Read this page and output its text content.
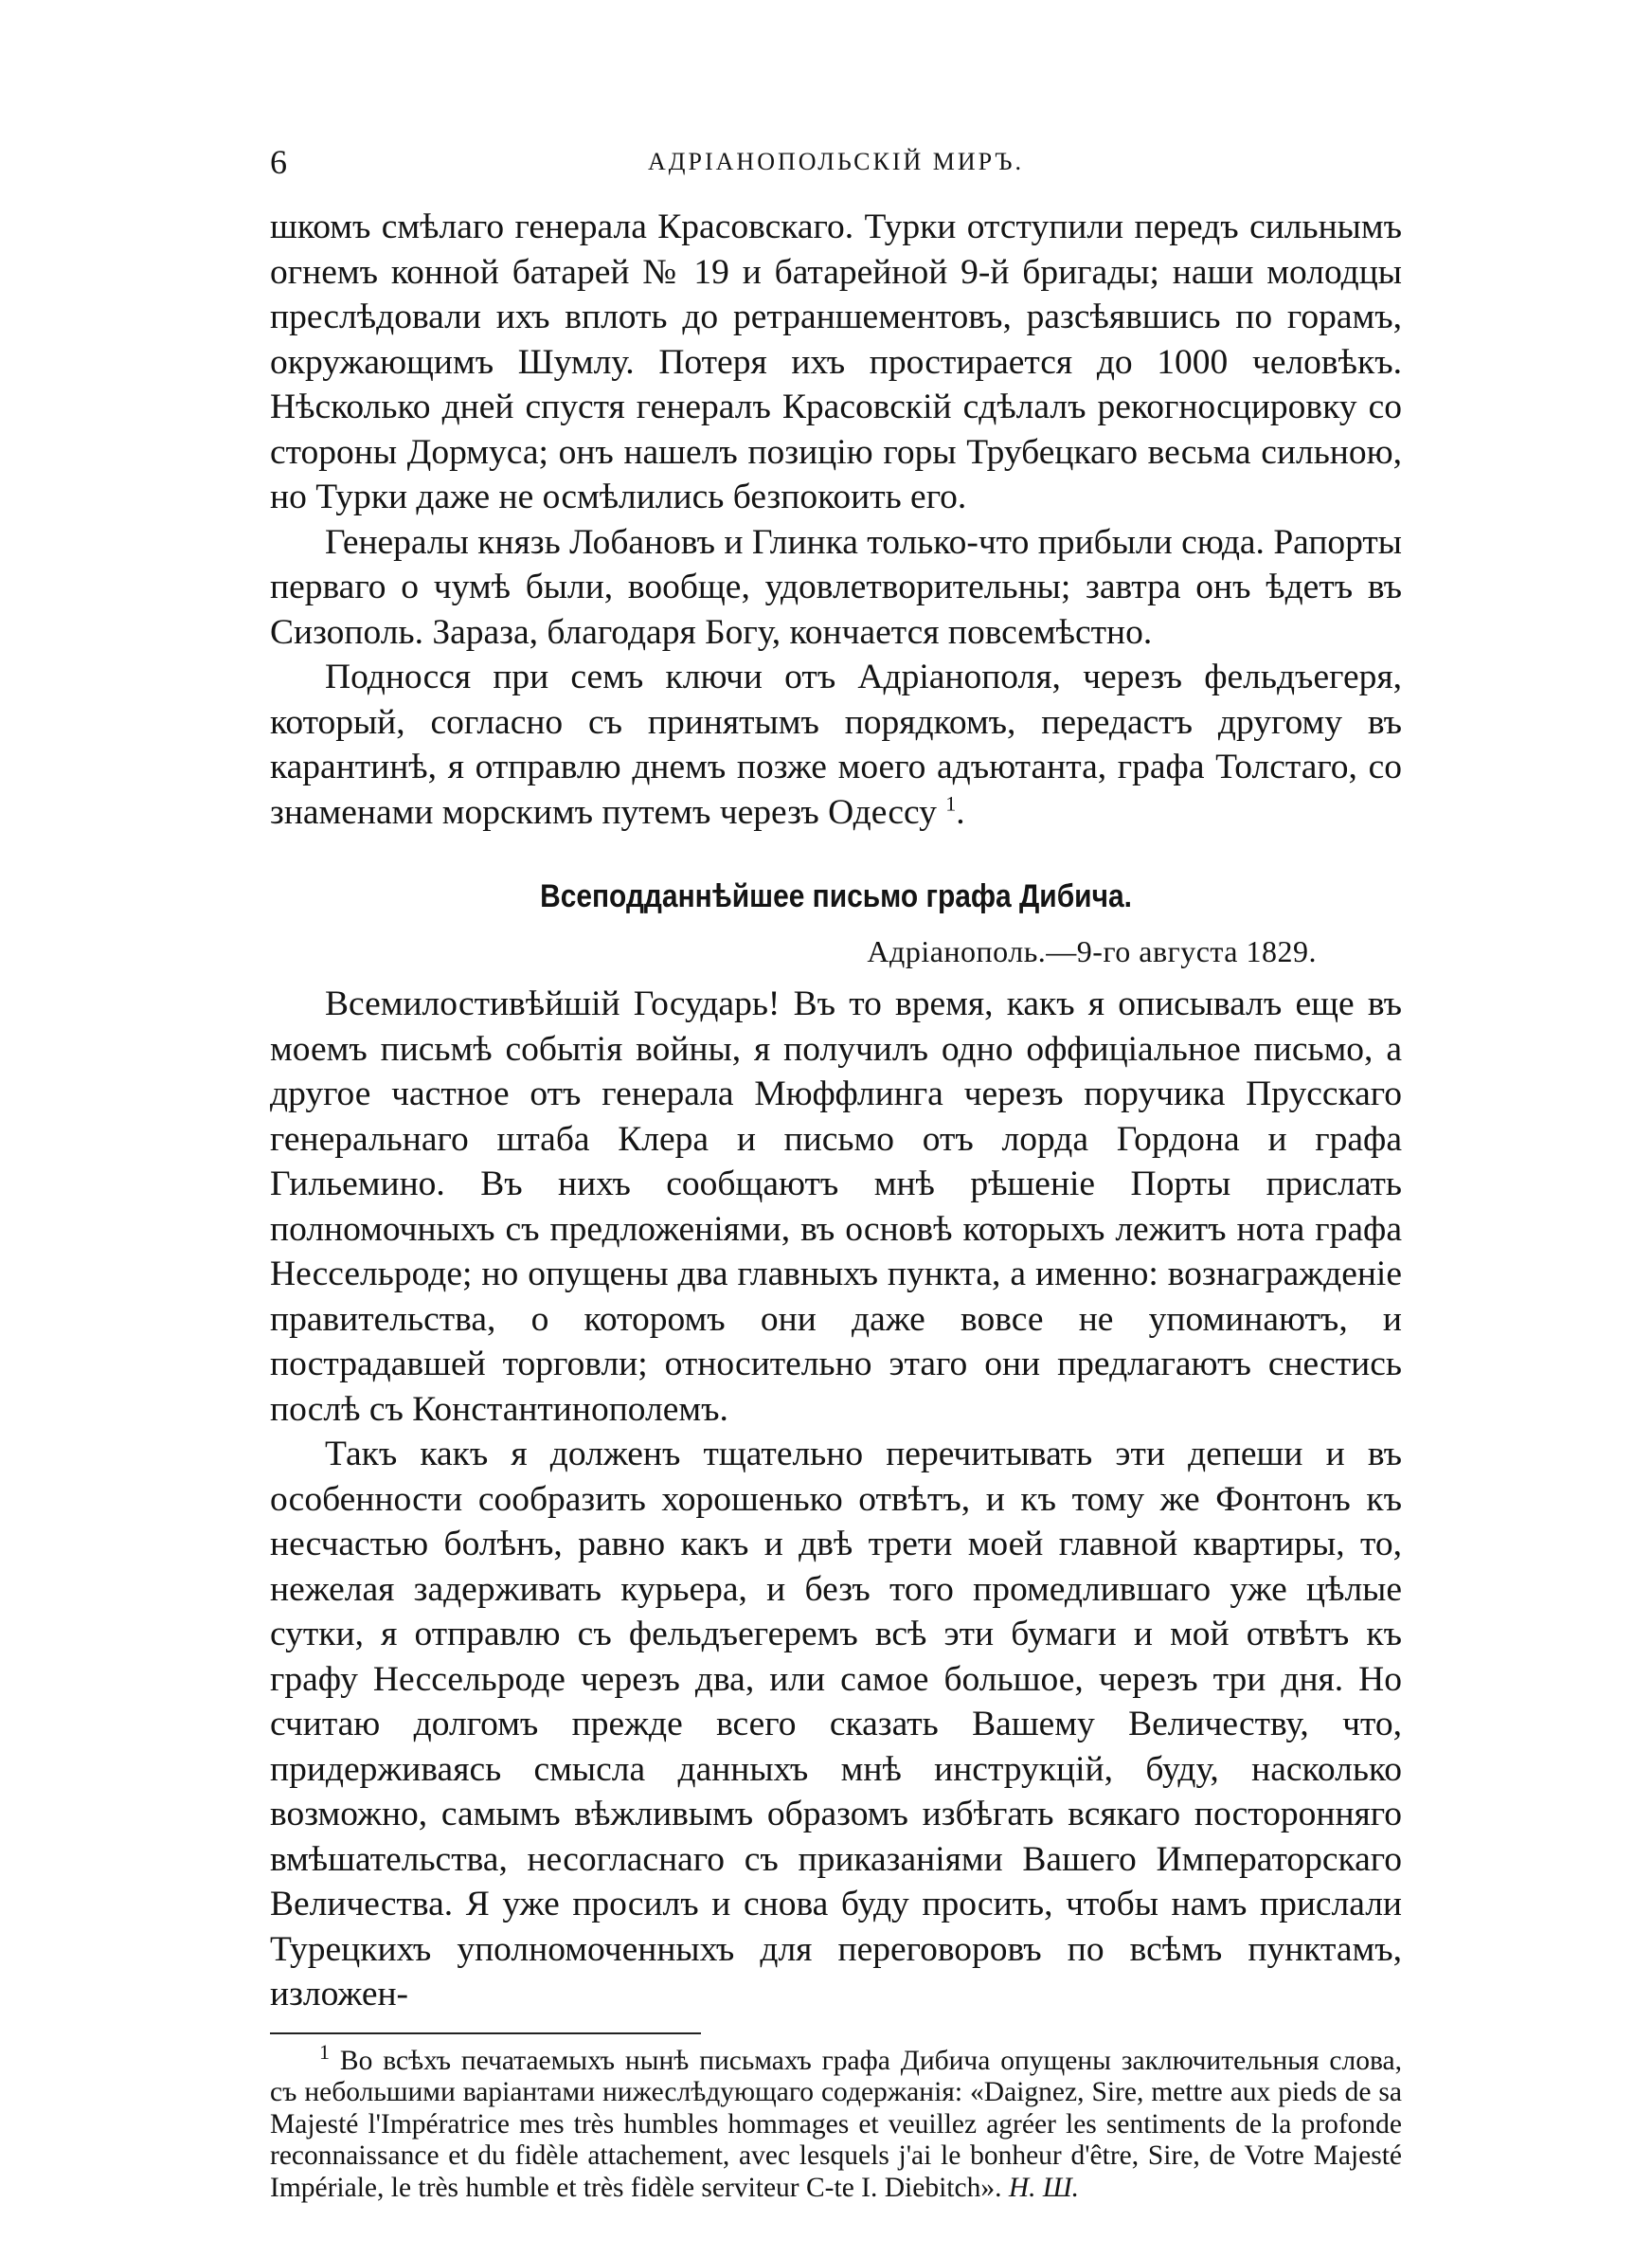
6	АДРІАНОПОЛЬСКІЙ МИРЪ.

шкомъ смѣлаго генерала Красовскаго. Турки отступили передъ сильнымъ огнемъ конной батарей № 19 и батарейной 9-й бригады; наши молодцы преслѣдовали ихъ вплоть до ретраншементовъ, разсѣявшись по горамъ, окружающимъ Шумлу. Потеря ихъ простирается до 1000 человѣкъ. Нѣсколько дней спустя генералъ Красовскій сдѣлалъ рекогносцировку со стороны Дормуса; онъ нашелъ позицію горы Трубецкаго весьма сильною, но Турки даже не осмѣлились безпокоить его.

Генералы князь Лобановъ и Глинка только-что прибыли сюда. Рапорты перваго о чумѣ были, вообще, удовлетворительны; завтра онъ ѣдетъ въ Сизополь. Зараза, благодаря Богу, кончается повсемѣстно.

Подносся при семъ ключи отъ Адріанополя, черезъ фельдъегеря, который, согласно съ принятымъ порядкомъ, передастъ другому въ карантинѣ, я отправлю днемъ позже моего адъютанта, графа Толстаго, со знаменами морскимъ путемъ черезъ Одессу $^1$.

Всеподданнѣйшее письмо графа Дибича.
Адріанополь.—9-го августа 1829.

Всемилостивѣйшій Государь! Въ то время, какъ я описывалъ еще въ моемъ письмѣ событія войны, я получилъ одно оффиціальное письмо, а другое частное отъ генерала Мюффлинга черезъ поручика Прусскаго генеральнаго штаба Клера и письмо отъ лорда Гордона и графа Гильемино. Въ нихъ сообщаютъ мнѣ рѣшеніе Порты прислать полномочныхъ съ предложеніями, въ основѣ которыхъ лежитъ нота графа Нессельроде; но опущены два главныхъ пункта, а именно: вознагражденіе правительства, о которомъ они даже вовсе не упоминаютъ, и пострадавшей торговли; относительно этаго они предлагаютъ снестись послѣ съ Константинополемъ.

Такъ какъ я долженъ тщательно перечитывать эти депеши и въ особенности сообразить хорошенько отвѣтъ, и къ тому же Фонтонъ къ несчастью болѣнъ, равно какъ и двѣ трети моей главной квартиры, то, нежелая задерживать курьера, и безъ того промедлившаго уже цѣлые сутки, я отправлю съ фельдъегеремъ всѣ эти бумаги и мой отвѣтъ къ графу Нессельроде черезъ два, или самое большое, черезъ три дня. Но считаю долгомъ прежде всего сказать Вашему Величеству, что, придерживаясь смысла данныхъ мнѣ инструкцій, буду, насколько возможно, самымъ вѣжливымъ образомъ избѣгать всякаго посторонняго вмѣшательства, несогласнаго съ приказаніями Вашего Императорскаго Величества. Я уже просилъ и снова буду просить, чтобы намъ прислали Турецкихъ уполномоченныхъ для переговоровъ по всѣмъ пунктамъ, изложен-

$^1$ Во всѣхъ печатаемыхъ нынѣ письмахъ графа Дибича опущены заключительныя слова, съ небольшими варіантами нижеслѣдующаго содержанія: «Daignez, Sire, mettre aux pieds de sa Majesté l'Impératrice mes très humbles hommages et veuillez agréer les sentiments de la profonde reconnaissance et du fidèle attachement, avec lesquels j'ai le bonheur d'être, Sire, de Votre Majesté Impériale, le très humble et très fidèle serviteur C-te I. Diebitch». Н. Ш.
